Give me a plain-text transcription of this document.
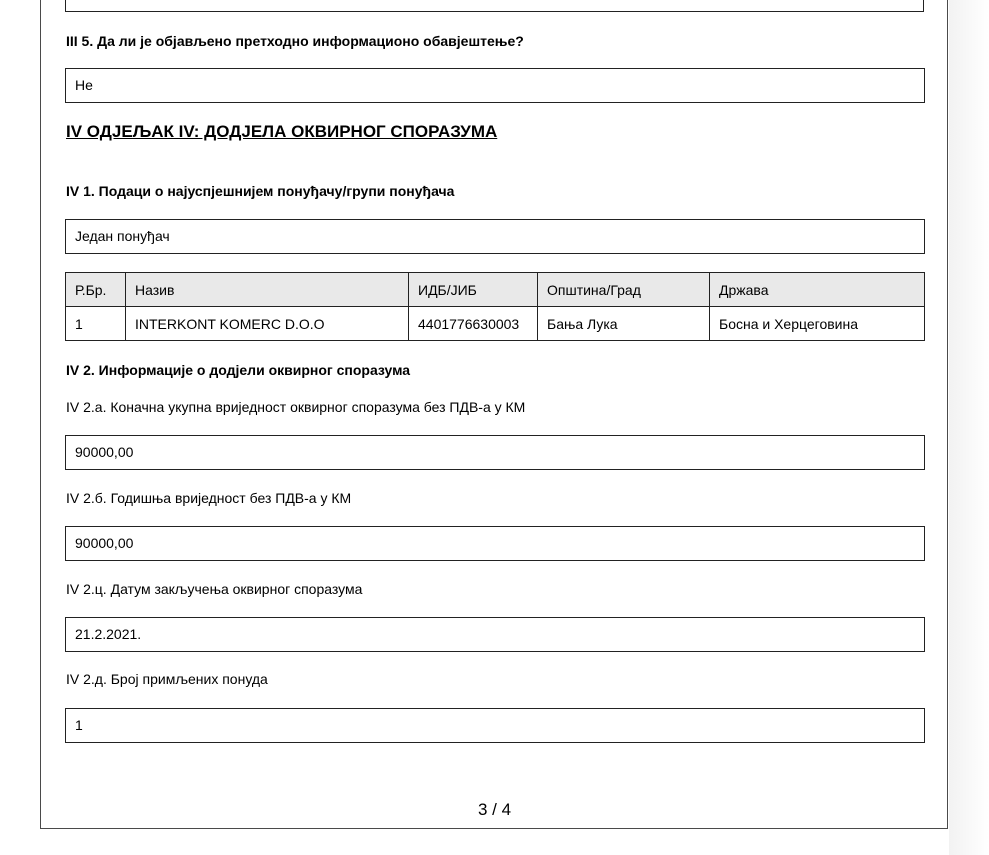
III 5. Да ли је објављено претходно информационо обавјештење?
Не
IV ОДЈЕЉАК IV: ДОДЈЕЛА ОКВИРНОГ СПОРАЗУМА
IV 1. Подаци о најуспјешнијем понуђачу/групи понуђача
Један понуђач
Р.Бр.	Назив	ИДБ/ЈИБ	Општина/Град	Држава
1	INTERKONT KOMERC D.O.O	4401776630003	Бања Лука	Босна и Херцеговина
IV 2. Информације о додјели оквирног споразума
IV 2.а. Коначна укупна вриједност оквирног споразума без ПДВ-а у КМ
90000,00
IV 2.б. Годишња вриједност без ПДВ-а у КМ
90000,00
IV 2.ц. Датум закључења оквирног споразума
21.2.2021.
IV 2.д. Број примљених понуда
1
3 / 4
